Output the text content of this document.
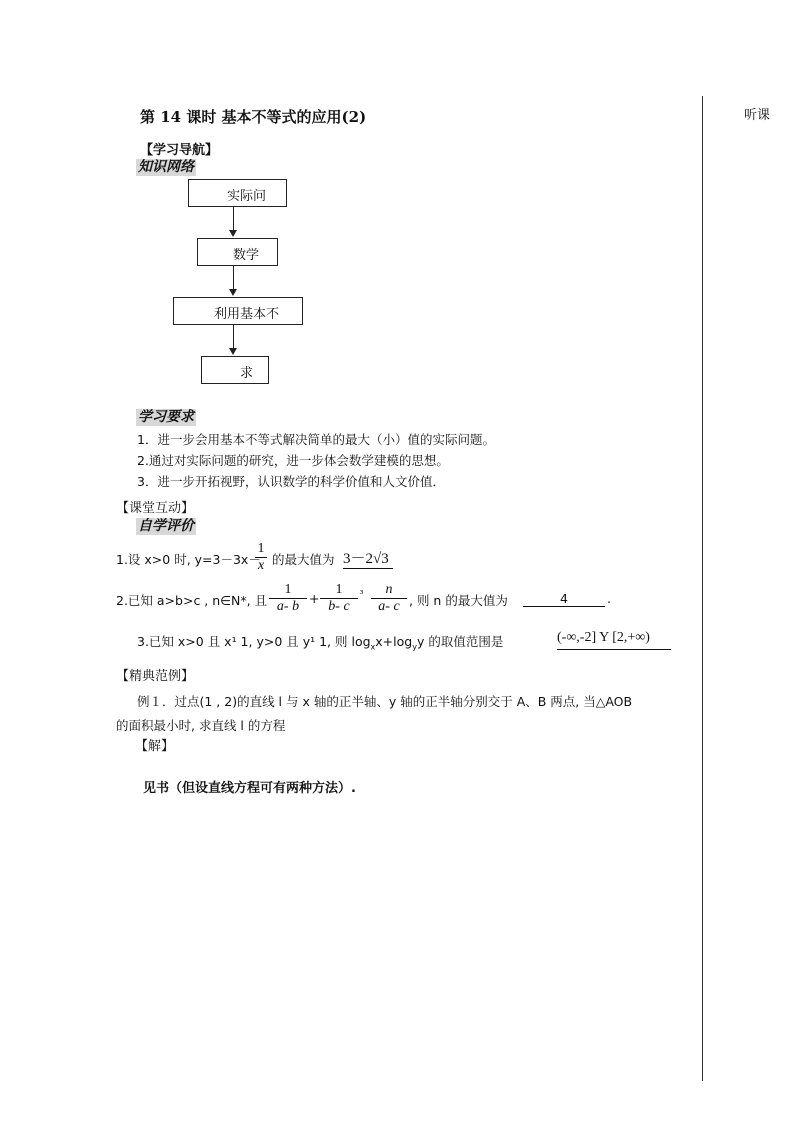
听课
第 14 课时 基本不等式的应用(2)
【学习导航】
知识网络
实际问
数学
利用基本不
求
学习要求
1．进一步会用基本不等式解决简单的最大（小）值的实际问题。
2.通过对实际问题的研究，进一步体会数学建模的思想。
3．进一步开拓视野，认识数学的科学价值和人文价值．
【课堂互动】
自学评价
1.设 x>0 时, y=3－3x－
1
x 的最大值为 3－2√3
2.已知 a>b>c , n∈N*, 且
1
a- b
+
1
b- c
³	n
a- c , 则 n 的最大值为	4	.
3.已知 x>0 且 x¹ 1, y>0 且 y¹ 1, 则 $\log_xx+\log_yy$ 的取值范围是	(-∞,-2] Y [2,+∞)
【精典范例】
例１．过点(1 , 2)的直线 l 与 x 轴的正半轴、y 轴的正半轴分别交于 A、B 两点, 当△AOB
的面积最小时, 求直线 l 的方程
【解】
见书（但设直线方程可有两种方法）.
